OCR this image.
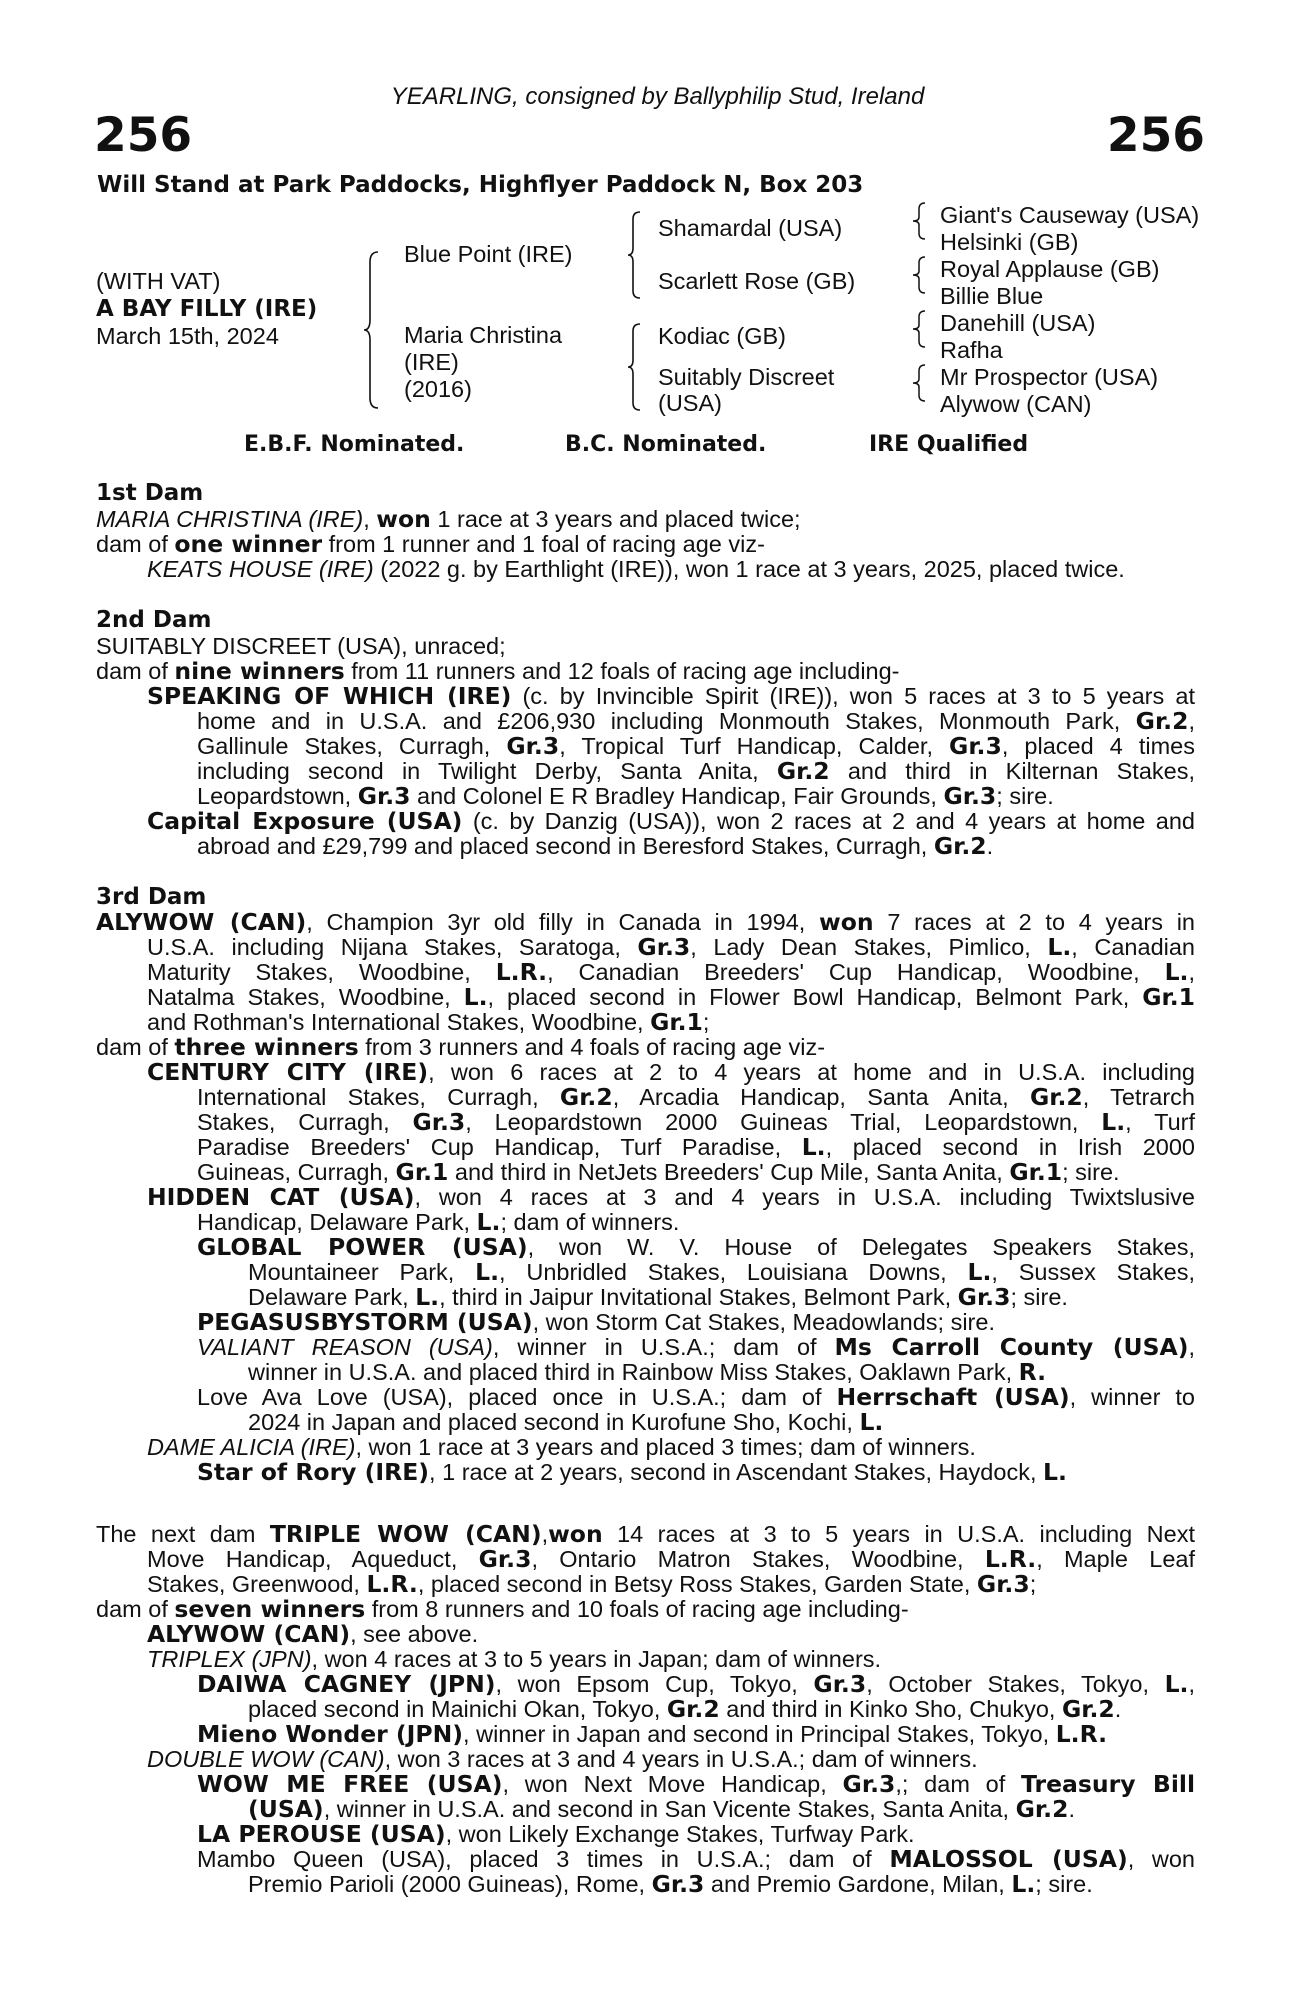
YEARLING, consigned by Ballyphilip Stud, Ireland
256	256
Will Stand at Park Paddocks, Highflyer Paddock N, Box 203
(WITH VAT)
A BAY FILLY (IRE)
March 15th, 2024
Blue Point (IRE)
Maria Christina
(IRE)
(2016)
Shamardal (USA)
Scarlett Rose (GB)
Kodiac (GB)
Suitably Discreet
(USA)
Giant's Causeway (USA)
Helsinki (GB)
Royal Applause (GB)
Billie Blue
Danehill (USA)
Rafha
Mr Prospector (USA)
Alywow (CAN)
E.B.F. Nominated.	B.C. Nominated.	IRE Qualified
1st Dam
MARIA CHRISTINA (IRE), won 1 race at 3 years and placed twice;
dam of one winner from 1 runner and 1 foal of racing age viz-
KEATS HOUSE (IRE) (2022 g. by Earthlight (IRE)), won 1 race at 3 years, 2025, placed twice.
2nd Dam
SUITABLY DISCREET (USA), unraced;
dam of nine winners from 11 runners and 12 foals of racing age including-
SPEAKING OF WHICH (IRE) (c. by Invincible Spirit (IRE)), won 5 races at 3 to 5 years at
home and in U.S.A. and £206,930 including Monmouth Stakes, Monmouth Park, Gr.2,
Gallinule Stakes, Curragh, Gr.3, Tropical Turf Handicap, Calder, Gr.3, placed 4 times
including second in Twilight Derby, Santa Anita, Gr.2 and third in Kilternan Stakes,
Leopardstown, Gr.3 and Colonel E R Bradley Handicap, Fair Grounds, Gr.3; sire.
Capital Exposure (USA) (c. by Danzig (USA)), won 2 races at 2 and 4 years at home and
abroad and £29,799 and placed second in Beresford Stakes, Curragh, Gr.2.
3rd Dam
ALYWOW (CAN), Champion 3yr old filly in Canada in 1994, won 7 races at 2 to 4 years in
U.S.A. including Nijana Stakes, Saratoga, Gr.3, Lady Dean Stakes, Pimlico, L., Canadian
Maturity Stakes, Woodbine, L.R., Canadian Breeders' Cup Handicap, Woodbine, L.,
Natalma Stakes, Woodbine, L., placed second in Flower Bowl Handicap, Belmont Park, Gr.1
and Rothman's International Stakes, Woodbine, Gr.1;
dam of three winners from 3 runners and 4 foals of racing age viz-
CENTURY CITY (IRE), won 6 races at 2 to 4 years at home and in U.S.A. including
International Stakes, Curragh, Gr.2, Arcadia Handicap, Santa Anita, Gr.2, Tetrarch
Stakes, Curragh, Gr.3, Leopardstown 2000 Guineas Trial, Leopardstown, L., Turf
Paradise Breeders' Cup Handicap, Turf Paradise, L., placed second in Irish 2000
Guineas, Curragh, Gr.1 and third in NetJets Breeders' Cup Mile, Santa Anita, Gr.1; sire.
HIDDEN CAT (USA), won 4 races at 3 and 4 years in U.S.A. including Twixtslusive
Handicap, Delaware Park, L.; dam of winners.
GLOBAL POWER (USA), won W. V. House of Delegates Speakers Stakes,
Mountaineer Park, L., Unbridled Stakes, Louisiana Downs, L., Sussex Stakes,
Delaware Park, L., third in Jaipur Invitational Stakes, Belmont Park, Gr.3; sire.
PEGASUSBYSTORM (USA), won Storm Cat Stakes, Meadowlands; sire.
VALIANT REASON (USA), winner in U.S.A.; dam of Ms Carroll County (USA),
winner in U.S.A. and placed third in Rainbow Miss Stakes, Oaklawn Park, R.
Love Ava Love (USA), placed once in U.S.A.; dam of Herrschaft (USA), winner to
2024 in Japan and placed second in Kurofune Sho, Kochi, L.
DAME ALICIA (IRE), won 1 race at 3 years and placed 3 times; dam of winners.
Star of Rory (IRE), 1 race at 2 years, second in Ascendant Stakes, Haydock, L.
The next dam TRIPLE WOW (CAN),won 14 races at 3 to 5 years in U.S.A. including Next
Move Handicap, Aqueduct, Gr.3, Ontario Matron Stakes, Woodbine, L.R., Maple Leaf
Stakes, Greenwood, L.R., placed second in Betsy Ross Stakes, Garden State, Gr.3;
dam of seven winners from 8 runners and 10 foals of racing age including-
ALYWOW (CAN), see above.
TRIPLEX (JPN), won 4 races at 3 to 5 years in Japan; dam of winners.
DAIWA CAGNEY (JPN), won Epsom Cup, Tokyo, Gr.3, October Stakes, Tokyo, L.,
placed second in Mainichi Okan, Tokyo, Gr.2 and third in Kinko Sho, Chukyo, Gr.2.
Mieno Wonder (JPN), winner in Japan and second in Principal Stakes, Tokyo, L.R.
DOUBLE WOW (CAN), won 3 races at 3 and 4 years in U.S.A.; dam of winners.
WOW ME FREE (USA), won Next Move Handicap, Gr.3,; dam of Treasury Bill
(USA), winner in U.S.A. and second in San Vicente Stakes, Santa Anita, Gr.2.
LA PEROUSE (USA), won Likely Exchange Stakes, Turfway Park.
Mambo Queen (USA), placed 3 times in U.S.A.; dam of MALOSSOL (USA), won
Premio Parioli (2000 Guineas), Rome, Gr.3 and Premio Gardone, Milan, L.; sire.
